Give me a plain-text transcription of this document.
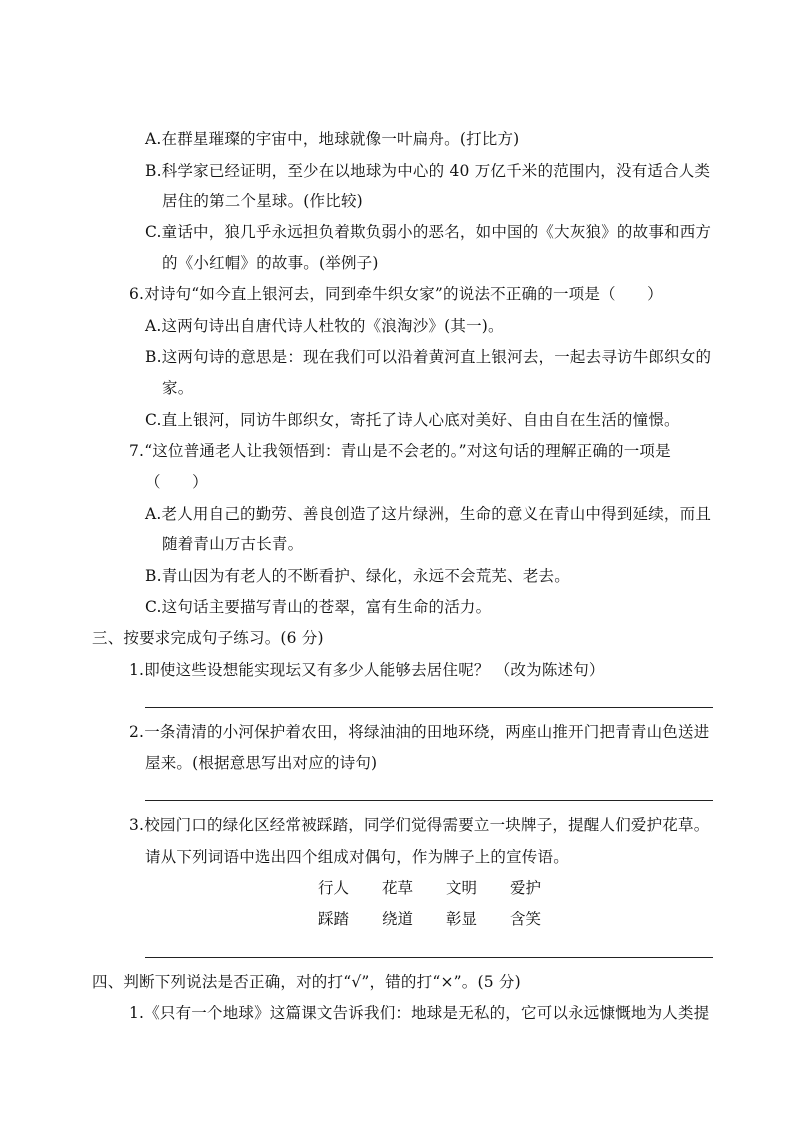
A.在群星璀璨的宇宙中，地球就像一叶扁舟。(打比方)
B.科学家已经证明，至少在以地球为中心的 40 万亿千米的范围内，没有适合人类
居住的第二个星球。(作比较)
C.童话中，狼几乎永远担负着欺负弱小的恶名，如中国的《大灰狼》的故事和西方
的《小红帽》的故事。(举例子)
6.对诗句“如今直上银河去，同到牵牛织女家”的说法不正确的一项是（　　）
A.这两句诗出自唐代诗人杜牧的《浪淘沙》(其一)。
B.这两句诗的意思是：现在我们可以沿着黄河直上银河去，一起去寻访牛郎织女的
家。
C.直上银河，同访牛郎织女，寄托了诗人心底对美好、自由自在生活的憧憬。
7.“这位普通老人让我领悟到：青山是不会老的。”对这句话的理解正确的一项是
（　　）
A.老人用自己的勤劳、善良创造了这片绿洲，生命的意义在青山中得到延续，而且
随着青山万古长青。
B.青山因为有老人的不断看护、绿化，永远不会荒芜、老去。
C.这句话主要描写青山的苍翠，富有生命的活力。
三、按要求完成句子练习。(6 分)
1.即使这些设想能实现坛又有多少人能够去居住呢？ （改为陈述句）
2.一条清清的小河保护着农田，将绿油油的田地环绕，两座山推开门把青青山色送进
屋来。(根据意思写出对应的诗句)
3.校园门口的绿化区经常被踩踏，同学们觉得需要立一块牌子，提醒人们爱护花草。
请从下列词语中选出四个组成对偶句，作为牌子上的宣传语。
行人 花草 文明 爱护
踩踏 绕道 彰显 含笑
四、判断下列说法是否正确，对的打“√”，错的打“×”。(5 分)
1.《只有一个地球》这篇课文告诉我们：地球是无私的，它可以永远慷慨地为人类提
